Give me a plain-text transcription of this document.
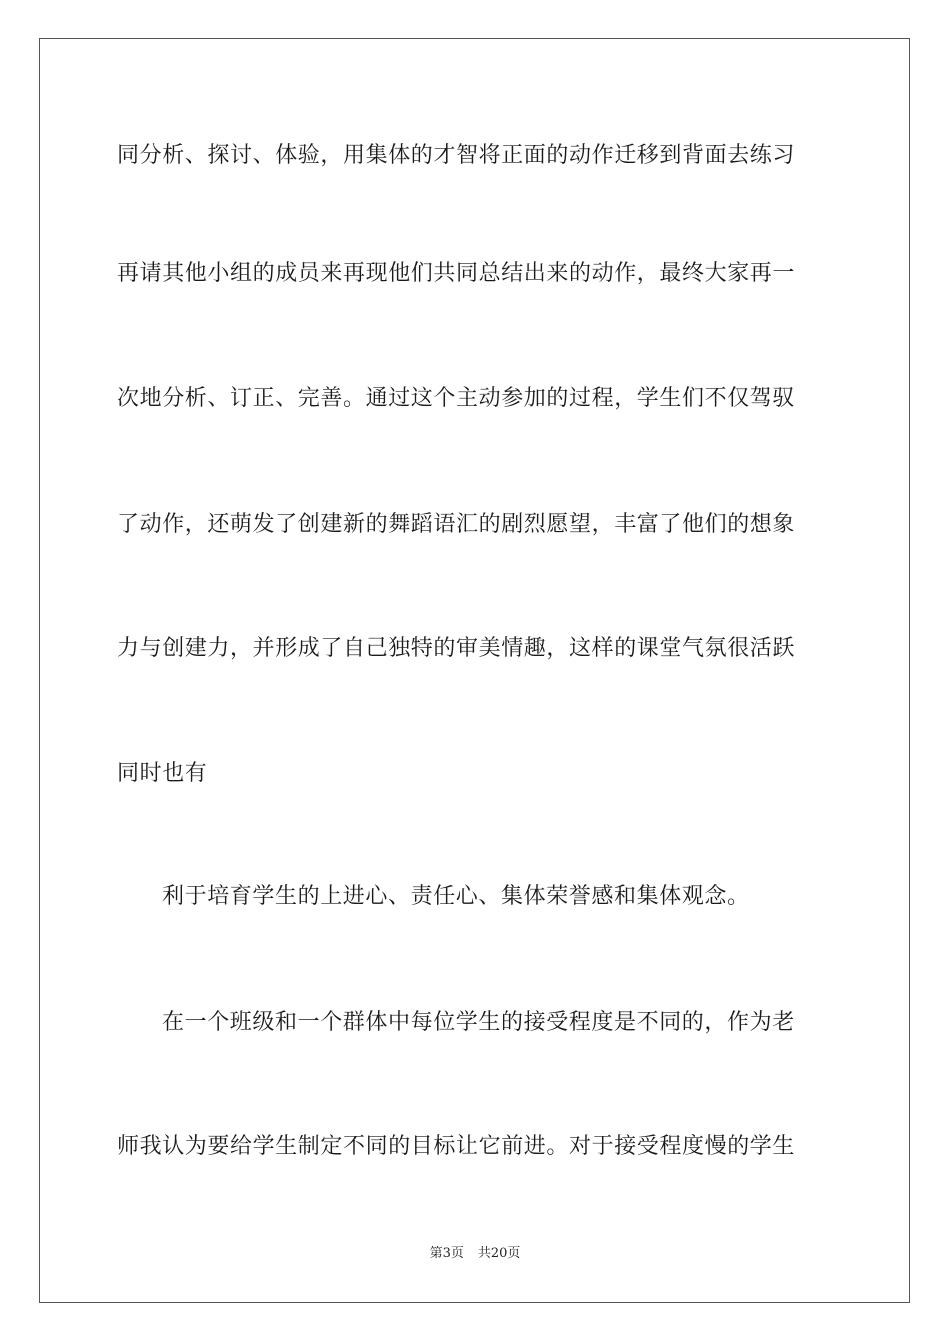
同分析、探讨、体验，用集体的才智将正面的动作迁移到背面去练习
再请其他小组的成员来再现他们共同总结出来的动作，最终大家再一
次地分析、订正、完善。通过这个主动参加的过程，学生们不仅驾驭
了动作，还萌发了创建新的舞蹈语汇的剧烈愿望，丰富了他们的想象
力与创建力，并形成了自己独特的审美情趣，这样的课堂气氛很活跃
同时也有
利于培育学生的上进心、责任心、集体荣誉感和集体观念。
在一个班级和一个群体中每位学生的接受程度是不同的，作为老
师我认为要给学生制定不同的目标让它前进。对于接受程度慢的学生
第3页 共20页
